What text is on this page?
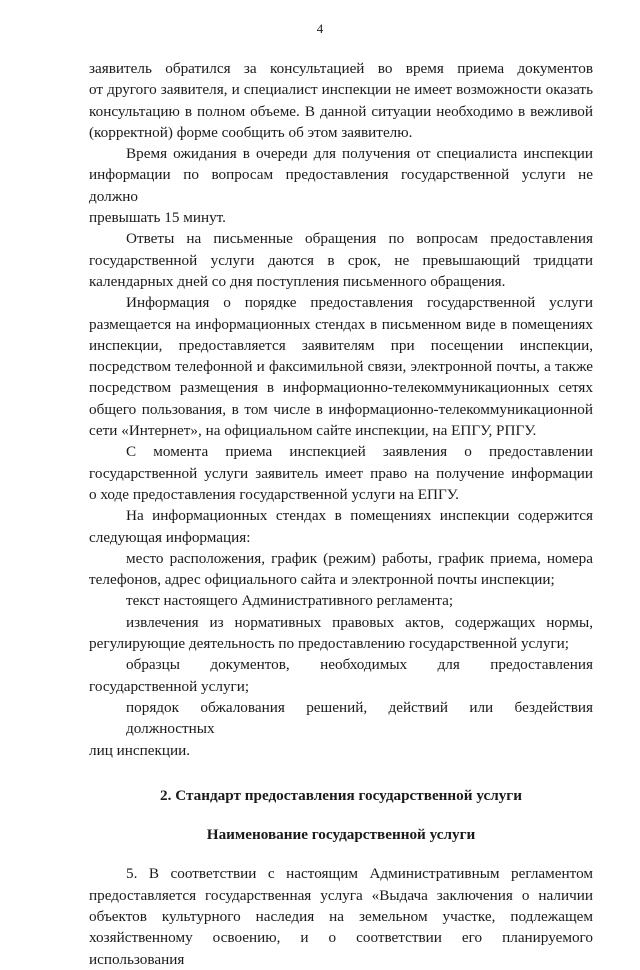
4

заявитель обратился за консультацией во время приема документов
от другого заявителя, и специалист инспекции не имеет возможности оказать
консультацию в полном объеме. В данной ситуации необходимо в вежливой
(корректной) форме сообщить об этом заявителю.

Время ожидания в очереди для получения от специалиста инспекции
информации по вопросам предоставления государственной услуги не должно
превышать 15 минут.

Ответы на письменные обращения по вопросам предоставления
государственной услуги даются в срок, не превышающий тридцати
календарных дней со дня поступления письменного обращения.

Информация о порядке предоставления государственной услуги
размещается на информационных стендах в письменном виде в помещениях
инспекции, предоставляется заявителям при посещении инспекции,
посредством телефонной и факсимильной связи, электронной почты, а также
посредством размещения в информационно-телекоммуникационных сетях
общего пользования, в том числе в информационно-телекоммуникационной
сети «Интернет», на официальном сайте инспекции, на ЕПГУ, РПГУ.

С момента приема инспекцией заявления о предоставлении
государственной услуги заявитель имеет право на получение информации
о ходе предоставления государственной услуги на ЕПГУ.

На информационных стендах в помещениях инспекции содержится
следующая информация:

место расположения, график (режим) работы, график приема, номера
телефонов, адрес официального сайта и электронной почты инспекции;

текст настоящего Административного регламента;

извлечения из нормативных правовых актов, содержащих нормы,
регулирующие деятельность по предоставлению государственной услуги;

образцы документов, необходимых для предоставления
государственной услуги;

порядок обжалования решений, действий или бездействия должностных
лиц инспекции.

2. Стандарт предоставления государственной услуги

Наименование государственной услуги

5. В соответствии с настоящим Административным регламентом
предоставляется государственная услуга «Выдача заключения о наличии
объектов культурного наследия на земельном участке, подлежащем
хозяйственному освоению, и о соответствии его планируемого использования
